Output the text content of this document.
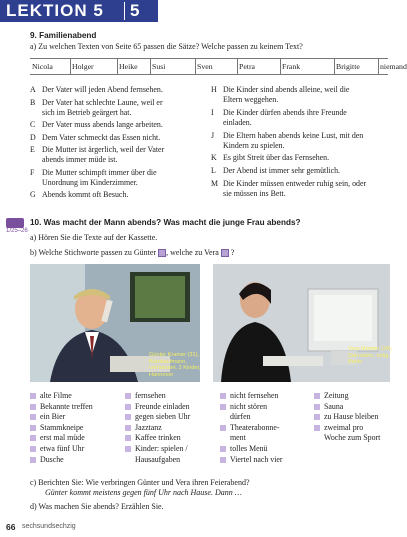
LEKTION 5 5
9. Familienabend
a) Zu welchen Texten von Seite 65 passen die Sätze? Welche passen zu keinem Text?
Nicola Holger	Heike Susi	Sven	Petra	Frank	Brigitte	niemand
A Der Vater will jeden Abend fernsehen.
B Der Vater hat schlechte Laune, weil er
sich im Betrieb geärgert hat.
C Der Vater muss abends lange arbeiten.
D Dem Vater schmeckt das Essen nicht.
E Die Mutter ist ärgerlich, weil der Vater
abends immer müde ist.
F Die Mutter schimpft immer über die
Unordnung im Kinderzimmer.
G Abends kommt oft Besuch.
H Die Kinder sind abends alleine, weil die
Eltern weggehen.
I Die Kinder dürfen abends ihre Freunde
einladen.
J Die Eltern haben abends keine Lust, mit den
Kindern zu spielen.
K Es gibt Streit über das Fernsehen.
L Der Abend ist immer sehr gemütlich.
M Die Kinder müssen entweder ruhig sein, oder
sie müssen ins Bett.
1/25–26
10. Was macht der Mann abends? Was macht die junge Frau abends?
a) Hören Sie die Texte auf der Kassette.
b) Welche Stichworte passen zu Günter , welche zu Vera ?
Günter Kramer (31),
Bürokaufmann,
verheiratet, 2 Kinder,
Hannover
Vera Meister (24),
Sekretärin, ledig,
Berlin
alte Filme
Bekannte treffen
ein Bier
Stammkneipe
erst mal müde
etwa fünf Uhr
Dusche
fernsehen
Freunde einladen
gegen sieben Uhr
Jazztanz
Kaffee trinken
Kinder: spielen /
Hausaufgaben
nicht fernsehen
nicht stören
dürfen
Theaterabonne-
ment
tolles Menü
Viertel nach vier
Zeitung
Sauna
zu Hause bleiben
zweimal pro
Woche zum Sport
c) Berichten Sie: Wie verbringen Günter und Vera ihren Feierabend?
Günter kommt meistens gegen fünf Uhr nach Hause. Dann …
d) Was machen Sie abends? Erzählen Sie.
66 sechsundsechzig
